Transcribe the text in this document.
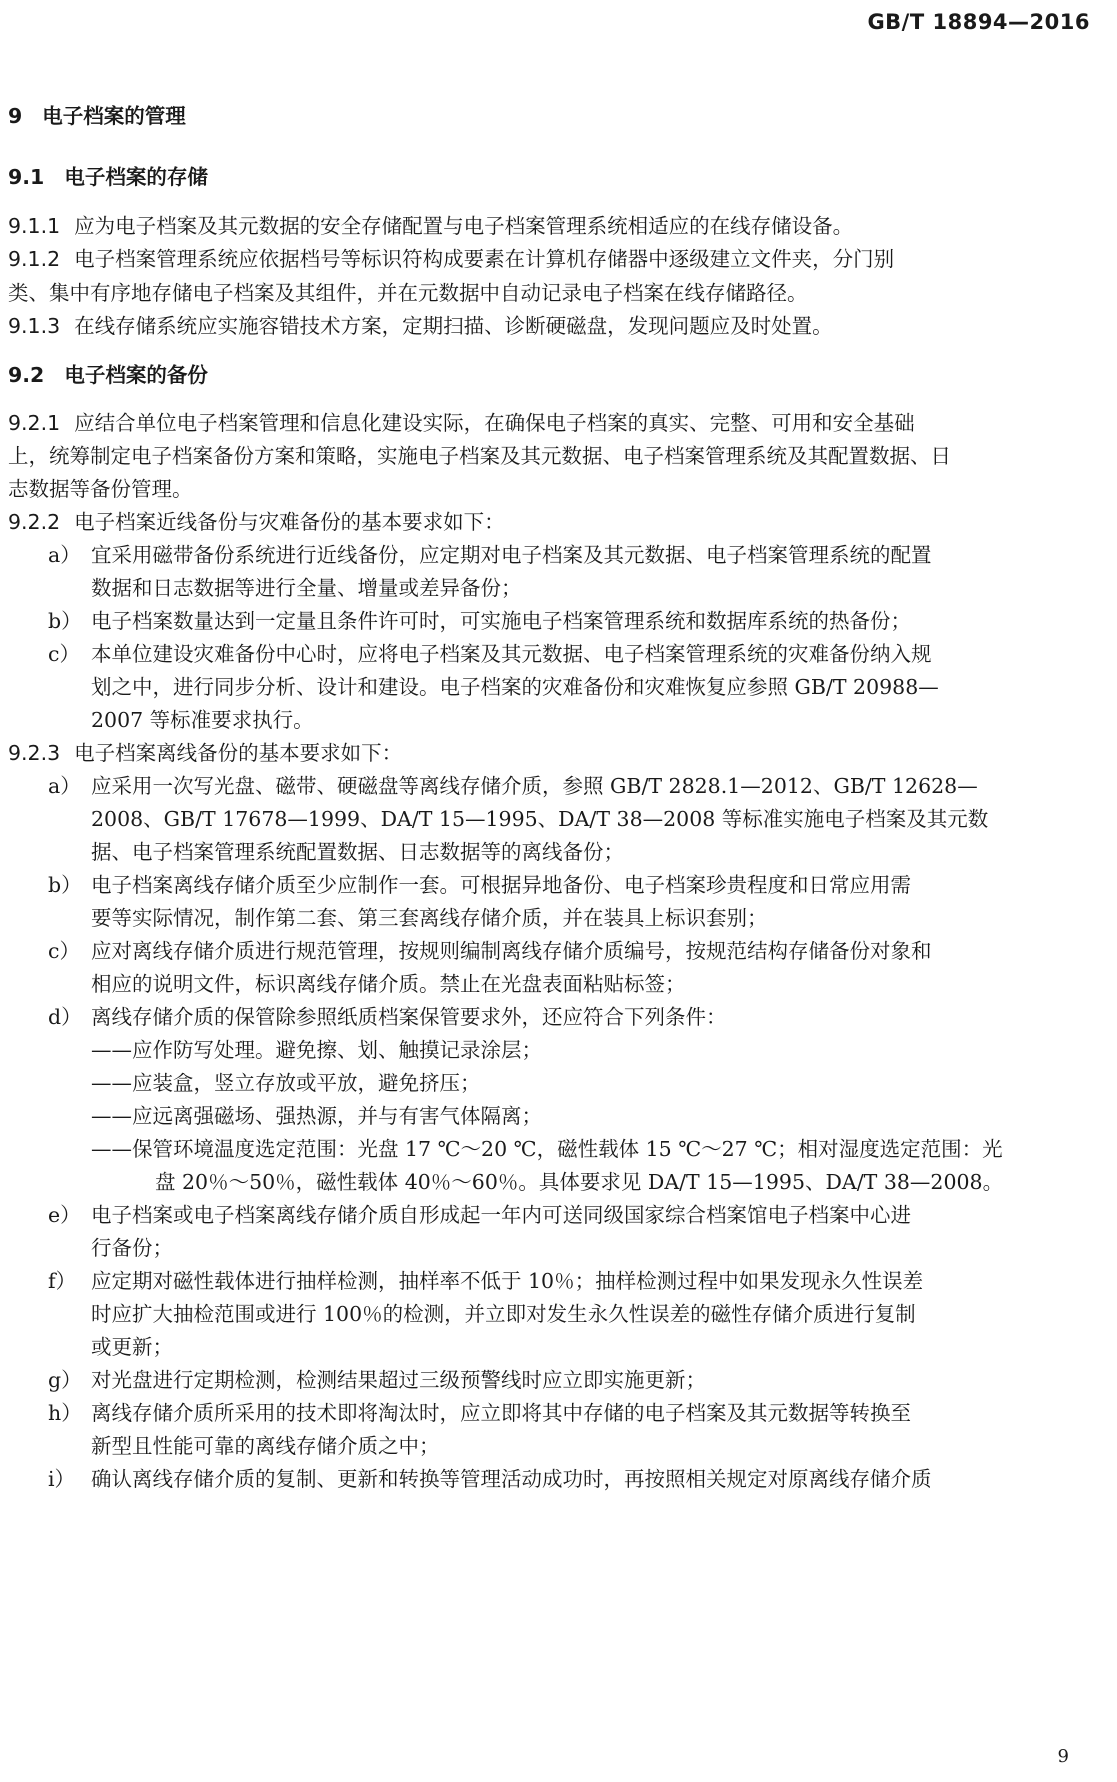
GB/T 18894—2016
9 电子档案的管理
9.1 电子档案的存储
9.1.1 应为电子档案及其元数据的安全存储配置与电子档案管理系统相适应的在线存储设备。
9.1.2 电子档案管理系统应依据档号等标识符构成要素在计算机存储器中逐级建立文件夹，分门别
类、集中有序地存储电子档案及其组件，并在元数据中自动记录电子档案在线存储路径。
9.1.3 在线存储系统应实施容错技术方案，定期扫描、诊断硬磁盘，发现问题应及时处置。
9.2 电子档案的备份
9.2.1 应结合单位电子档案管理和信息化建设实际，在确保电子档案的真实、完整、可用和安全基础
上，统筹制定电子档案备份方案和策略，实施电子档案及其元数据、电子档案管理系统及其配置数据、日
志数据等备份管理。
9.2.2 电子档案近线备份与灾难备份的基本要求如下：
a） 宜采用磁带备份系统进行近线备份，应定期对电子档案及其元数据、电子档案管理系统的配置
数据和日志数据等进行全量、增量或差异备份；
b） 电子档案数量达到一定量且条件许可时，可实施电子档案管理系统和数据库系统的热备份；
c） 本单位建设灾难备份中心时，应将电子档案及其元数据、电子档案管理系统的灾难备份纳入规
划之中，进行同步分析、设计和建设。电子档案的灾难备份和灾难恢复应参照 GB/T 20988—
2007 等标准要求执行。
9.2.3 电子档案离线备份的基本要求如下：
a） 应采用一次写光盘、磁带、硬磁盘等离线存储介质，参照 GB/T 2828.1—2012、GB/T 12628—
2008、GB/T 17678—1999、DA/T 15—1995、DA/T 38—2008 等标准实施电子档案及其元数
据、电子档案管理系统配置数据、日志数据等的离线备份；
b） 电子档案离线存储介质至少应制作一套。可根据异地备份、电子档案珍贵程度和日常应用需
要等实际情况，制作第二套、第三套离线存储介质，并在装具上标识套别；
c） 应对离线存储介质进行规范管理，按规则编制离线存储介质编号，按规范结构存储备份对象和
相应的说明文件，标识离线存储介质。禁止在光盘表面粘贴标签；
d） 离线存储介质的保管除参照纸质档案保管要求外，还应符合下列条件：
——应作防写处理。避免擦、划、触摸记录涂层；
——应装盒，竖立存放或平放，避免挤压；
——应远离强磁场、强热源，并与有害气体隔离；
——保管环境温度选定范围：光盘 17 ℃～20 ℃，磁性载体 15 ℃～27 ℃；相对湿度选定范围：光
盘 20％～50％，磁性载体 40％～60％。具体要求见 DA/T 15—1995、DA/T 38—2008。
e） 电子档案或电子档案离线存储介质自形成起一年内可送同级国家综合档案馆电子档案中心进
行备份；
f） 应定期对磁性载体进行抽样检测，抽样率不低于 10％；抽样检测过程中如果发现永久性误差
时应扩大抽检范围或进行 100％的检测，并立即对发生永久性误差的磁性存储介质进行复制
或更新；
g） 对光盘进行定期检测，检测结果超过三级预警线时应立即实施更新；
h） 离线存储介质所采用的技术即将淘汰时，应立即将其中存储的电子档案及其元数据等转换至
新型且性能可靠的离线存储介质之中；
i） 确认离线存储介质的复制、更新和转换等管理活动成功时，再按照相关规定对原离线存储介质
9
